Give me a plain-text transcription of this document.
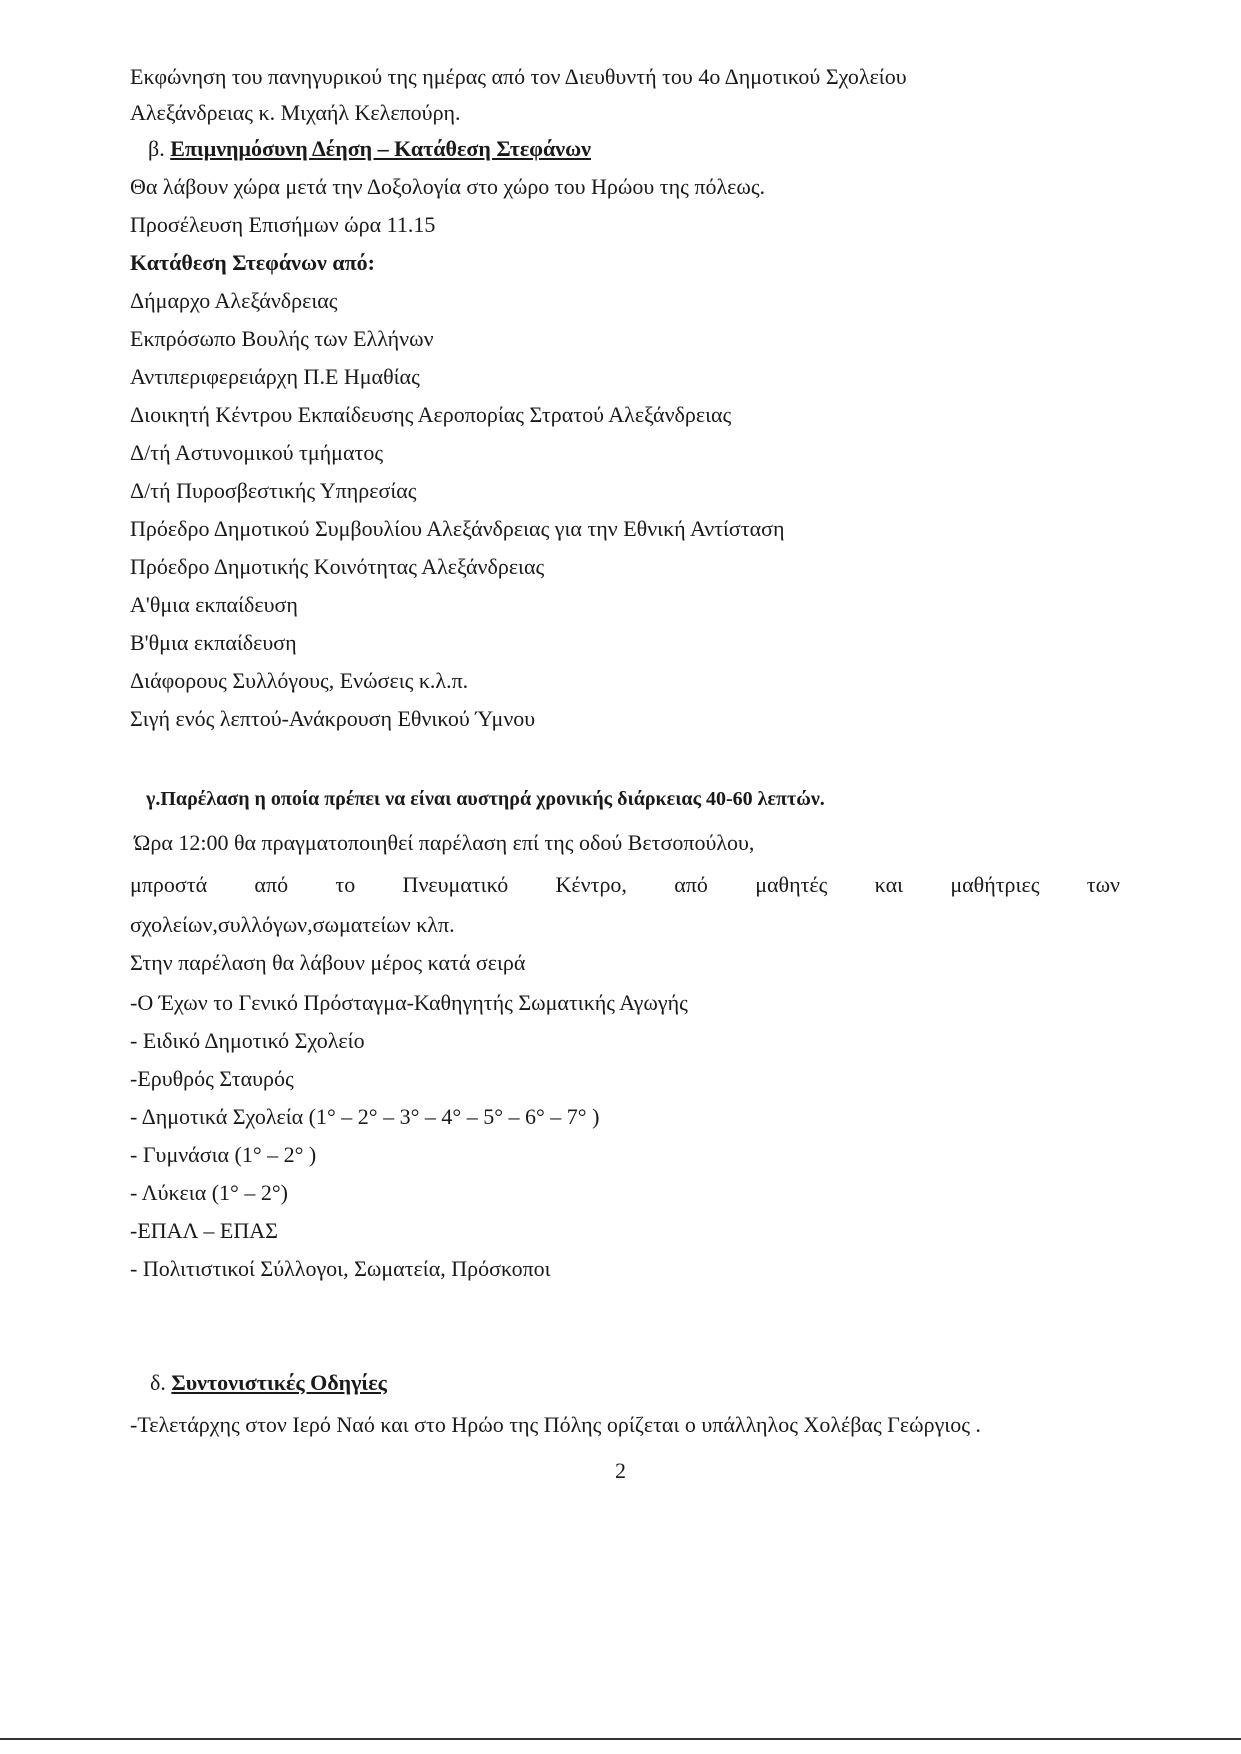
Εκφώνηση του πανηγυρικού της ημέρας από τον Διευθυντή του 4ο Δημοτικού Σχολείου
Αλεξάνδρειας κ. Μιχαήλ Κελεπούρη.
β. Επιμνημόσυνη Δέηση – Κατάθεση Στεφάνων
Θα λάβουν χώρα μετά την Δοξολογία στο χώρο του Ηρώου της πόλεως.
Προσέλευση Επισήμων ώρα 11.15
Κατάθεση Στεφάνων από:
Δήμαρχο Αλεξάνδρειας
Εκπρόσωπο Βουλής των Ελλήνων
Αντιπεριφερειάρχη Π.Ε Ημαθίας
Διοικητή Κέντρου Εκπαίδευσης Αεροπορίας Στρατού Αλεξάνδρειας
Δ/τή Αστυνομικού τμήματος
Δ/τή Πυροσβεστικής Υπηρεσίας
Πρόεδρο Δημοτικού Συμβουλίου Αλεξάνδρειας για την Εθνική Αντίσταση
Πρόεδρο Δημοτικής Κοινότητας Αλεξάνδρειας
Α'θμια εκπαίδευση
Β'θμια εκπαίδευση
Διάφορους Συλλόγους, Ενώσεις κ.λ.π.
Σιγή ενός λεπτού-Ανάκρουση Εθνικού Ύμνου
γ.Παρέλαση η οποία πρέπει να είναι αυστηρά χρονικής διάρκειας 40-60 λεπτών.
Ώρα 12:00 θα πραγματοποιηθεί παρέλαση επί της οδού Βετσοπούλου,
μπροστά από το Πνευματικό Κέντρο, από μαθητές και μαθήτριες των
σχολείων,συλλόγων,σωματείων κλπ.
Στην παρέλαση θα λάβουν μέρος κατά σειρά
-Ο Έχων το Γενικό Πρόσταγμα-Καθηγητής Σωματικής Αγωγής
- Ειδικό Δημοτικό Σχολείο
-Ερυθρός Σταυρός
- Δημοτικά Σχολεία (1° – 2° – 3° – 4° – 5° – 6° – 7° )
- Γυμνάσια (1° – 2° )
- Λύκεια (1° – 2°)
-ΕΠΑΛ – ΕΠΑΣ
- Πολιτιστικοί Σύλλογοι, Σωματεία, Πρόσκοποι
δ. Συντονιστικές Οδηγίες
-Τελετάρχης στον Ιερό Ναό και στο Ηρώο της Πόλης ορίζεται ο υπάλληλος Χολέβας Γεώργιος .
2
